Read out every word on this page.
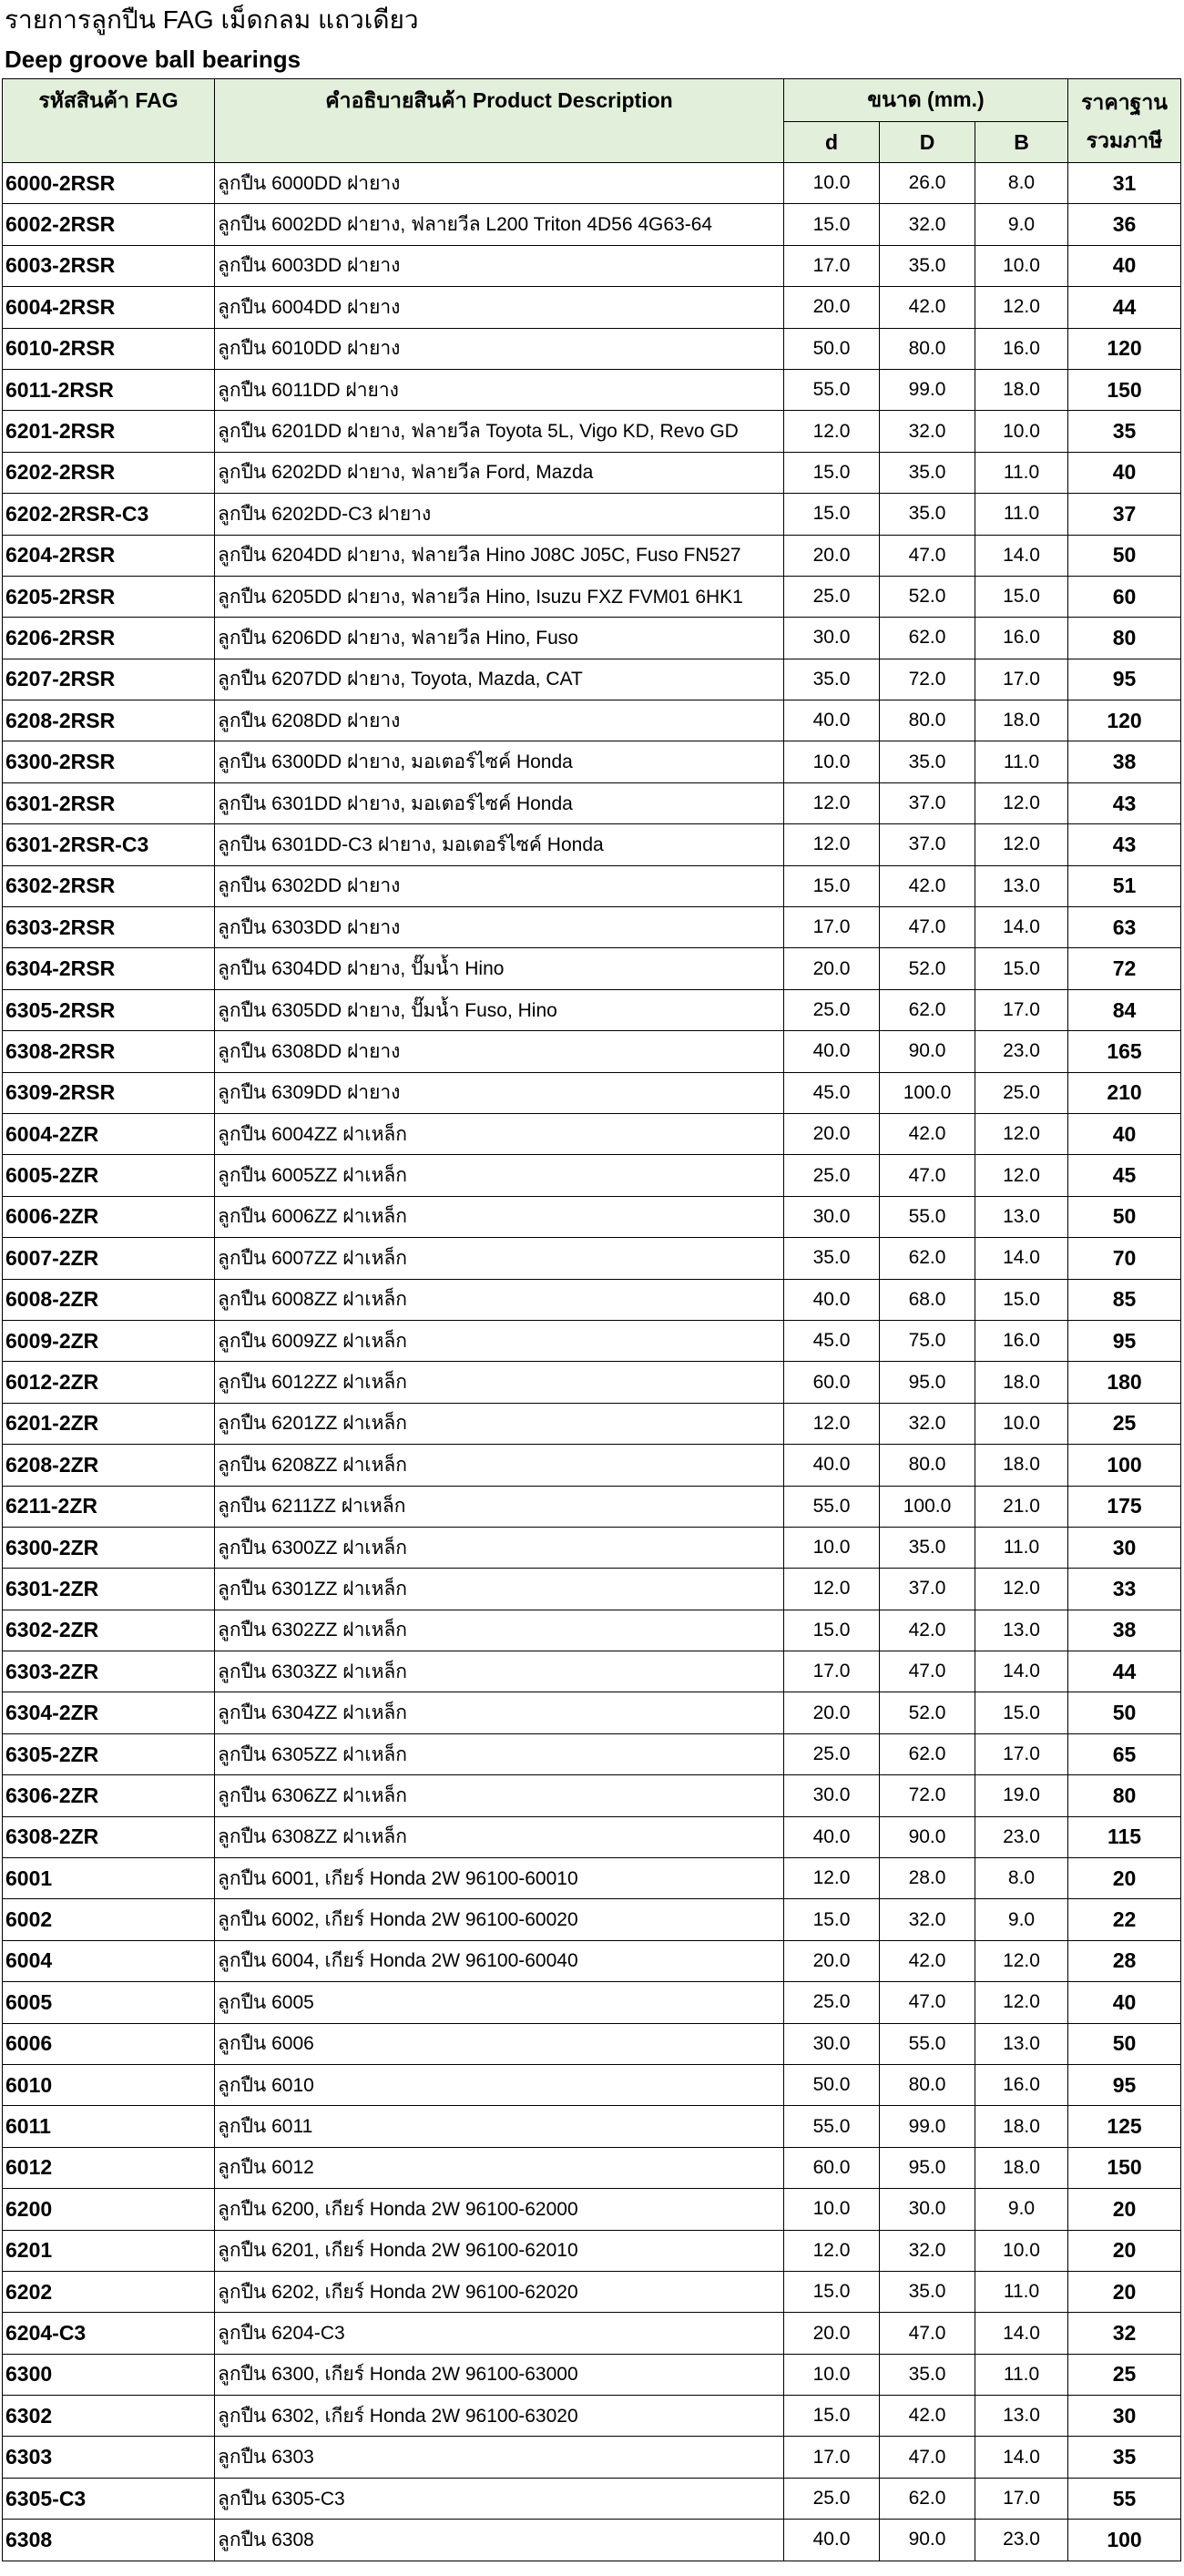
รายการลูกปืน FAG เม็ดกลม แถวเดียว
Deep groove ball bearings
รหัสสินค้า FAG	คำอธิบายสินค้า Product Description	ขนาด (mm.)			ราคาฐาน
รวมภาษี

		d	D	B	
6000-2RSR	ลูกปืน 6000DD ฝายาง	10.0	26.0	8.0	31
6002-2RSR	ลูกปืน 6002DD ฝายาง, ฟลายวีล L200 Triton 4D56 4G63-64	15.0	32.0	9.0	36
6003-2RSR	ลูกปืน 6003DD ฝายาง	17.0	35.0	10.0	40
6004-2RSR	ลูกปืน 6004DD ฝายาง	20.0	42.0	12.0	44
6010-2RSR	ลูกปืน 6010DD ฝายาง	50.0	80.0	16.0	120
6011-2RSR	ลูกปืน 6011DD ฝายาง	55.0	99.0	18.0	150
6201-2RSR	ลูกปืน 6201DD ฝายาง, ฟลายวีล Toyota 5L, Vigo KD, Revo GD	12.0	32.0	10.0	35
6202-2RSR	ลูกปืน 6202DD ฝายาง, ฟลายวีล Ford, Mazda	15.0	35.0	11.0	40
6202-2RSR-C3	ลูกปืน 6202DD-C3 ฝายาง	15.0	35.0	11.0	37
6204-2RSR	ลูกปืน 6204DD ฝายาง, ฟลายวีล Hino J08C J05C, Fuso FN527	20.0	47.0	14.0	50
6205-2RSR	ลูกปืน 6205DD ฝายาง, ฟลายวีล Hino, Isuzu FXZ FVM01 6HK1	25.0	52.0	15.0	60
6206-2RSR	ลูกปืน 6206DD ฝายาง, ฟลายวีล Hino, Fuso	30.0	62.0	16.0	80
6207-2RSR	ลูกปืน 6207DD ฝายาง, Toyota, Mazda, CAT	35.0	72.0	17.0	95
6208-2RSR	ลูกปืน 6208DD ฝายาง	40.0	80.0	18.0	120
6300-2RSR	ลูกปืน 6300DD ฝายาง, มอเตอร์ไซค์ Honda	10.0	35.0	11.0	38
6301-2RSR	ลูกปืน 6301DD ฝายาง, มอเตอร์ไซค์ Honda	12.0	37.0	12.0	43
6301-2RSR-C3	ลูกปืน 6301DD-C3 ฝายาง, มอเตอร์ไซค์ Honda	12.0	37.0	12.0	43
6302-2RSR	ลูกปืน 6302DD ฝายาง	15.0	42.0	13.0	51
6303-2RSR	ลูกปืน 6303DD ฝายาง	17.0	47.0	14.0	63
6304-2RSR	ลูกปืน 6304DD ฝายาง, ปั๊มน้ำ Hino	20.0	52.0	15.0	72
6305-2RSR	ลูกปืน 6305DD ฝายาง, ปั๊มน้ำ Fuso, Hino	25.0	62.0	17.0	84
6308-2RSR	ลูกปืน 6308DD ฝายาง	40.0	90.0	23.0	165
6309-2RSR	ลูกปืน 6309DD ฝายาง	45.0	100.0	25.0	210
6004-2ZR	ลูกปืน 6004ZZ ฝาเหล็ก	20.0	42.0	12.0	40
6005-2ZR	ลูกปืน 6005ZZ ฝาเหล็ก	25.0	47.0	12.0	45
6006-2ZR	ลูกปืน 6006ZZ ฝาเหล็ก	30.0	55.0	13.0	50
6007-2ZR	ลูกปืน 6007ZZ ฝาเหล็ก	35.0	62.0	14.0	70
6008-2ZR	ลูกปืน 6008ZZ ฝาเหล็ก	40.0	68.0	15.0	85
6009-2ZR	ลูกปืน 6009ZZ ฝาเหล็ก	45.0	75.0	16.0	95
6012-2ZR	ลูกปืน 6012ZZ ฝาเหล็ก	60.0	95.0	18.0	180
6201-2ZR	ลูกปืน 6201ZZ ฝาเหล็ก	12.0	32.0	10.0	25
6208-2ZR	ลูกปืน 6208ZZ ฝาเหล็ก	40.0	80.0	18.0	100
6211-2ZR	ลูกปืน 6211ZZ ฝาเหล็ก	55.0	100.0	21.0	175
6300-2ZR	ลูกปืน 6300ZZ ฝาเหล็ก	10.0	35.0	11.0	30
6301-2ZR	ลูกปืน 6301ZZ ฝาเหล็ก	12.0	37.0	12.0	33
6302-2ZR	ลูกปืน 6302ZZ ฝาเหล็ก	15.0	42.0	13.0	38
6303-2ZR	ลูกปืน 6303ZZ ฝาเหล็ก	17.0	47.0	14.0	44
6304-2ZR	ลูกปืน 6304ZZ ฝาเหล็ก	20.0	52.0	15.0	50
6305-2ZR	ลูกปืน 6305ZZ ฝาเหล็ก	25.0	62.0	17.0	65
6306-2ZR	ลูกปืน 6306ZZ ฝาเหล็ก	30.0	72.0	19.0	80
6308-2ZR	ลูกปืน 6308ZZ ฝาเหล็ก	40.0	90.0	23.0	115
6001	ลูกปืน 6001, เกียร์ Honda 2W 96100-60010	12.0	28.0	8.0	20
6002	ลูกปืน 6002, เกียร์ Honda 2W 96100-60020	15.0	32.0	9.0	22
6004	ลูกปืน 6004, เกียร์ Honda 2W 96100-60040	20.0	42.0	12.0	28
6005	ลูกปืน 6005	25.0	47.0	12.0	40
6006	ลูกปืน 6006	30.0	55.0	13.0	50
6010	ลูกปืน 6010	50.0	80.0	16.0	95
6011	ลูกปืน 6011	55.0	99.0	18.0	125
6012	ลูกปืน 6012	60.0	95.0	18.0	150
6200	ลูกปืน 6200, เกียร์ Honda 2W 96100-62000	10.0	30.0	9.0	20
6201	ลูกปืน 6201, เกียร์ Honda 2W 96100-62010	12.0	32.0	10.0	20
6202	ลูกปืน 6202, เกียร์ Honda 2W 96100-62020	15.0	35.0	11.0	20
6204-C3	ลูกปืน 6204-C3	20.0	47.0	14.0	32
6300	ลูกปืน 6300, เกียร์ Honda 2W 96100-63000	10.0	35.0	11.0	25
6302	ลูกปืน 6302, เกียร์ Honda 2W 96100-63020	15.0	42.0	13.0	30
6303	ลูกปืน 6303	17.0	47.0	14.0	35
6305-C3	ลูกปืน 6305-C3	25.0	62.0	17.0	55
6308	ลูกปืน 6308	40.0	90.0	23.0	100
